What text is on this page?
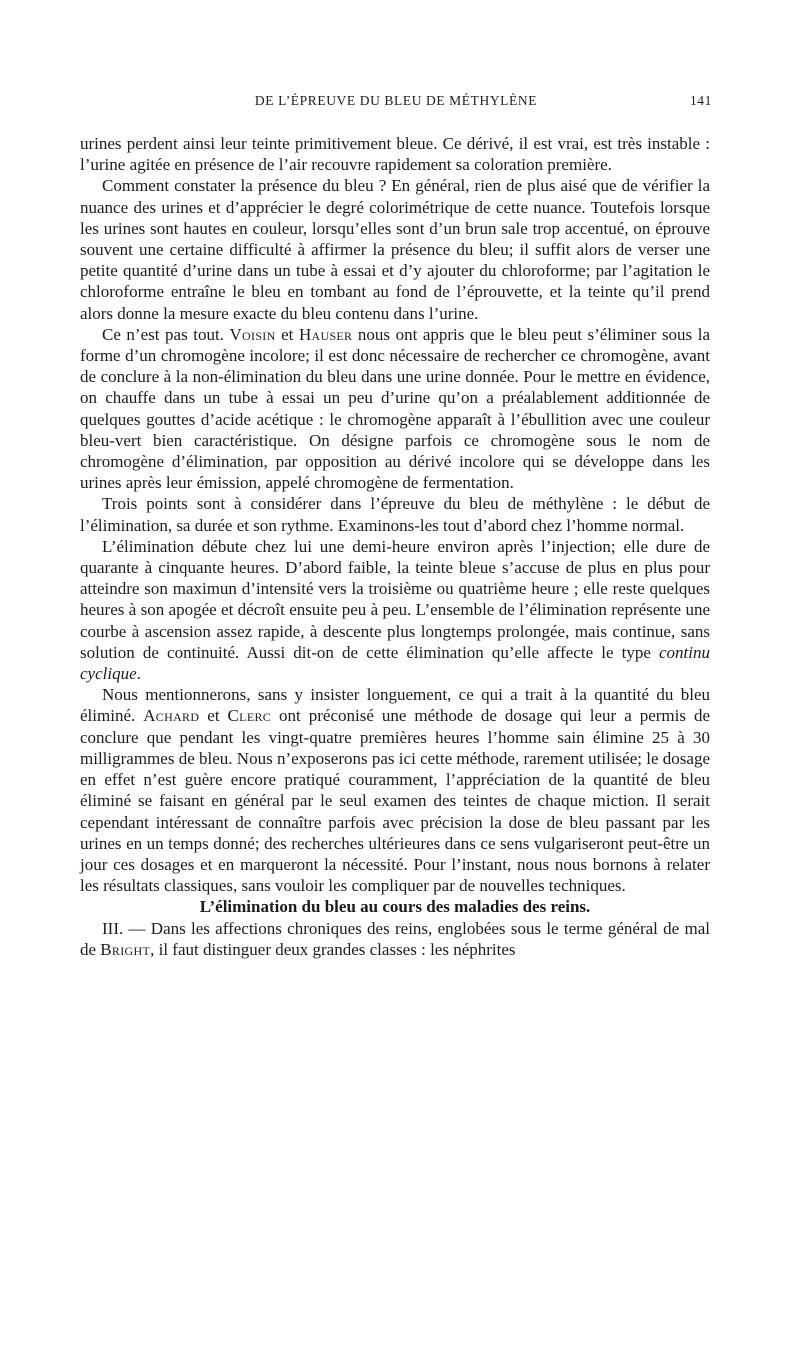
DE L’ÉPREUVE DU BLEU DE MÉTHYLÈNE	141

urines perdent ainsi leur teinte primitivement bleue. Ce dérivé, il est vrai, est très instable : l’urine agitée en présence de l’air recouvre rapidement sa coloration première.

Comment constater la présence du bleu ? En général, rien de plus aisé que de vérifier la nuance des urines et d’apprécier le degré colorimétrique de cette nuance. Toutefois lorsque les urines sont hautes en couleur, lorsqu’elles sont d’un brun sale trop accentué, on éprouve souvent une certaine difficulté à affirmer la présence du bleu; il suffit alors de verser une petite quantité d’urine dans un tube à essai et d’y ajouter du chloroforme; par l’agitation le chloroforme entraîne le bleu en tombant au fond de l’éprouvette, et la teinte qu’il prend alors donne la mesure exacte du bleu contenu dans l’urine.

Ce n’est pas tout. Voisin et Hauser nous ont appris que le bleu peut s’éliminer sous la forme d’un chromogène incolore; il est donc nécessaire de rechercher ce chromogène, avant de conclure à la non-élimination du bleu dans une urine donnée. Pour le mettre en évidence, on chauffe dans un tube à essai un peu d’urine qu’on a préalablement additionnée de quelques gouttes d’acide acétique : le chromogène apparaît à l’ébullition avec une couleur bleu-vert bien caractéristique. On désigne parfois ce chromogène sous le nom de chromogène d’élimination, par opposition au dérivé incolore qui se développe dans les urines après leur émission, appelé chromogène de fermentation.

Trois points sont à considérer dans l’épreuve du bleu de méthylène : le début de l’élimination, sa durée et son rythme. Examinons-les tout d’abord chez l’homme normal.

L’élimination débute chez lui une demi-heure environ après l’injection; elle dure de quarante à cinquante heures. D’abord faible, la teinte bleue s’accuse de plus en plus pour atteindre son maximun d’intensité vers la troisième ou quatrième heure ; elle reste quelques heures à son apogée et décroît ensuite peu à peu. L’ensemble de l’élimination représente une courbe à ascension assez rapide, à descente plus longtemps prolongée, mais continue, sans solution de continuité. Aussi dit-on de cette élimination qu’elle affecte le type continu cyclique.

Nous mentionnerons, sans y insister longuement, ce qui a trait à la quantité du bleu éliminé. Achard et Clerc ont préconisé une méthode de dosage qui leur a permis de conclure que pendant les vingt-quatre premières heures l’homme sain élimine 25 à 30 milligrammes de bleu. Nous n’exposerons pas ici cette méthode, rarement utilisée; le dosage en effet n’est guère encore pratiqué couramment, l’appréciation de la quantité de bleu éliminé se faisant en général par le seul examen des teintes de chaque miction. Il serait cependant intéressant de connaître parfois avec précision la dose de bleu passant par les urines en un temps donné; des recherches ultérieures dans ce sens vulgariseront peut-être un jour ces dosages et en marqueront la nécessité. Pour l’instant, nous nous bornons à relater les résultats classiques, sans vouloir les compliquer par de nouvelles techniques.

L’élimination du bleu au cours des maladies des reins.

III. — Dans les affections chroniques des reins, englobées sous le terme général de mal de Bright, il faut distinguer deux grandes classes : les néphrites
